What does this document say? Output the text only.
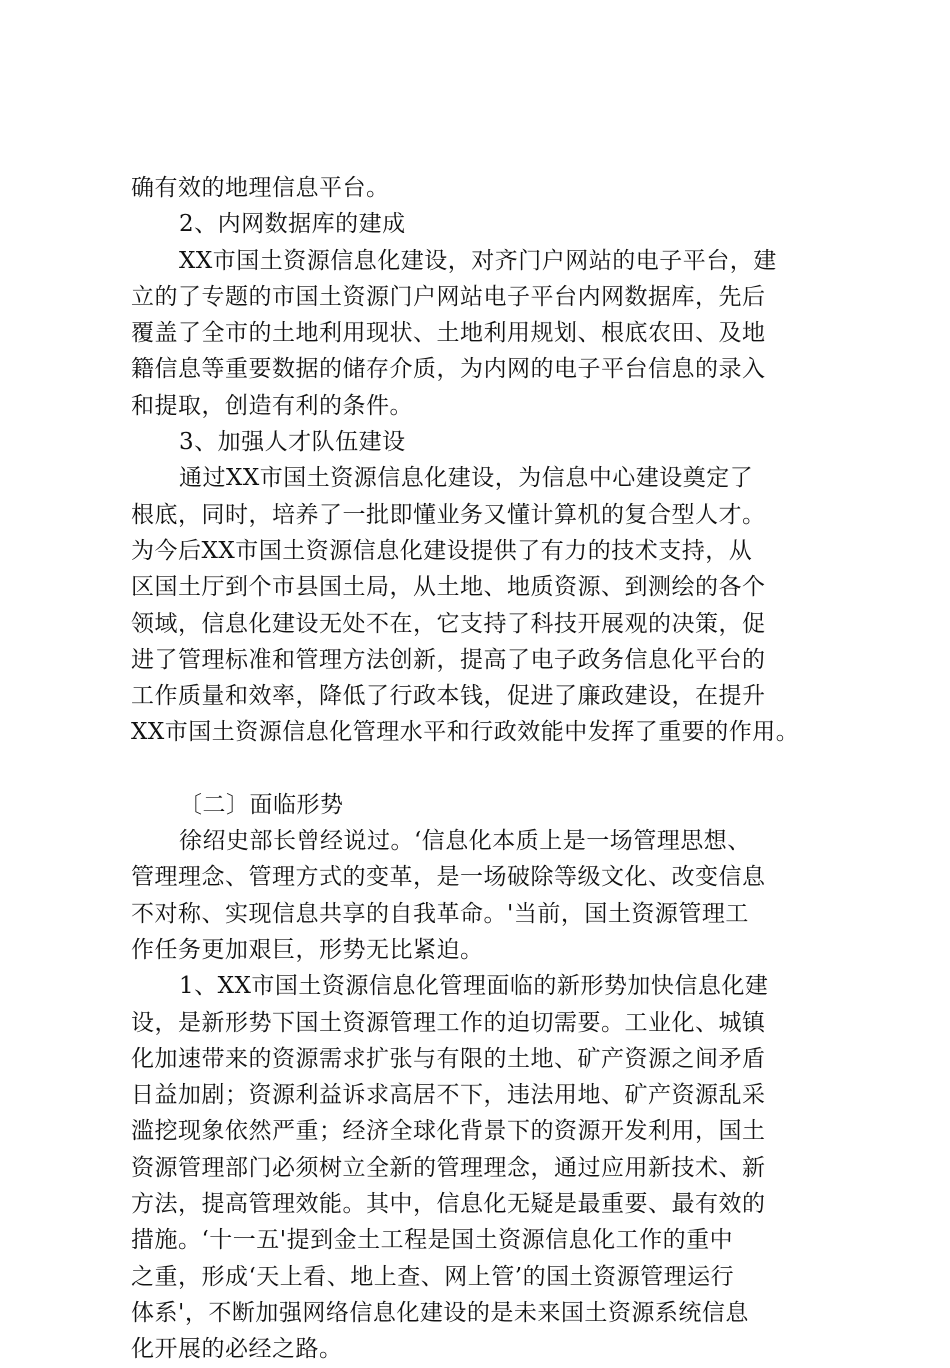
确有效的地理信息平台。
2、内网数据库的建成
XX市国土资源信息化建设，对齐门户网站的电子平台，建
立的了专题的市国土资源门户网站电子平台内网数据库，先后
覆盖了全市的土地利用现状、土地利用规划、根底农田、及地
籍信息等重要数据的储存介质，为内网的电子平台信息的录入
和提取，创造有利的条件。
3、加强人才队伍建设
通过XX市国土资源信息化建设，为信息中心建设奠定了
根底，同时，培养了一批即懂业务又懂计算机的复合型人才。
为今后XX市国土资源信息化建设提供了有力的技术支持，从
区国土厅到个市县国土局，从土地、地质资源、到测绘的各个
领域，信息化建设无处不在，它支持了科技开展观的决策，促
进了管理标准和管理方法创新，提高了电子政务信息化平台的
工作质量和效率，降低了行政本钱，促进了廉政建设，在提升
XX市国土资源信息化管理水平和行政效能中发挥了重要的作用。
〔二〕面临形势
徐绍史部长曾经说过。‘信息化本质上是一场管理思想、
管理理念、管理方式的变革，是一场破除等级文化、改变信息
不对称、实现信息共享的自我革命。'当前，国土资源管理工
作任务更加艰巨，形势无比紧迫。
1、XX市国土资源信息化管理面临的新形势加快信息化建
设，是新形势下国土资源管理工作的迫切需要。工业化、城镇
化加速带来的资源需求扩张与有限的土地、矿产资源之间矛盾
日益加剧；资源利益诉求高居不下，违法用地、矿产资源乱采
滥挖现象依然严重；经济全球化背景下的资源开发利用，国土
资源管理部门必须树立全新的管理理念，通过应用新技术、新
方法，提高管理效能。其中，信息化无疑是最重要、最有效的
措施。‘十一五'提到金土工程是国土资源信息化工作的重中
之重，形成‘天上看、地上查、网上管’的国土资源管理运行
体系'，不断加强网络信息化建设的是未来国土资源系统信息
化开展的必经之路。
